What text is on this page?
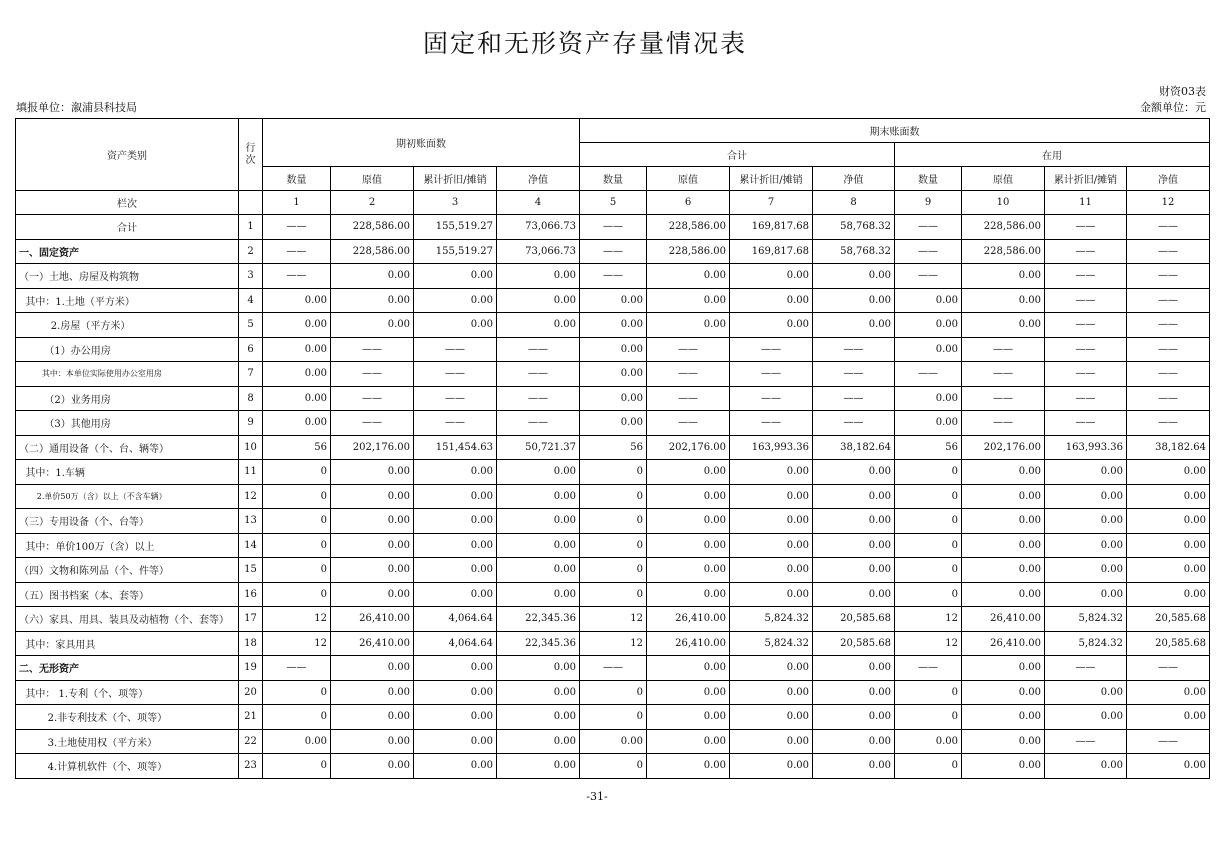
固定和无形资产存量情况表
财资03表
填报单位：溆浦县科技局	金额单位：元
资产类别	行次	期初账面数				期末账面数							
						合计				在用			
		数量	原值	累计折旧/摊销	净值	数量	原值	累计折旧/摊销	净值	数量	原值	累计折旧/摊销	净值
栏次		1	2	3	4	5	6	7	8	9	10	11	12
合计	1	——	228,586.00	155,519.27	73,066.73	——	228,586.00	169,817.68	58,768.32	——	228,586.00	——	——
一、固定资产	2	——	228,586.00	155,519.27	73,066.73	——	228,586.00	169,817.68	58,768.32	——	228,586.00	——	——
（一）土地、房屋及构筑物	3	——	0.00	0.00	0.00	——	0.00	0.00	0.00	——	0.00	——	——
其中：1.土地（平方米）	4	0.00	0.00	0.00	0.00	0.00	0.00	0.00	0.00	0.00	0.00	——	——
2.房屋（平方米）	5	0.00	0.00	0.00	0.00	0.00	0.00	0.00	0.00	0.00	0.00	——	——
（1）办公用房	6	0.00	——	——	——	0.00	——	——	——	0.00	——	——	——
其中：本单位实际使用办公室用房	7	0.00	——	——	——	0.00	——	——	——	——	——	——	——
（2）业务用房	8	0.00	——	——	——	0.00	——	——	——	0.00	——	——	——
（3）其他用房	9	0.00	——	——	——	0.00	——	——	——	0.00	——	——	——
（二）通用设备（个、台、辆等）	10	56	202,176.00	151,454.63	50,721.37	56	202,176.00	163,993.36	38,182.64	56	202,176.00	163,993.36	38,182.64
其中：1.车辆	11	0	0.00	0.00	0.00	0	0.00	0.00	0.00	0	0.00	0.00	0.00
2.单价50万（含）以上（不含车辆）	12	0	0.00	0.00	0.00	0	0.00	0.00	0.00	0	0.00	0.00	0.00
（三）专用设备（个、台等）	13	0	0.00	0.00	0.00	0	0.00	0.00	0.00	0	0.00	0.00	0.00
其中：单价100万（含）以上	14	0	0.00	0.00	0.00	0	0.00	0.00	0.00	0	0.00	0.00	0.00
（四）文物和陈列品（个、件等）	15	0	0.00	0.00	0.00	0	0.00	0.00	0.00	0	0.00	0.00	0.00
（五）图书档案（本、套等）	16	0	0.00	0.00	0.00	0	0.00	0.00	0.00	0	0.00	0.00	0.00
（六）家具、用具、装具及动植物（个、套等）	17	12	26,410.00	4,064.64	22,345.36	12	26,410.00	5,824.32	20,585.68	12	26,410.00	5,824.32	20,585.68
其中：家具用具	18	12	26,410.00	4,064.64	22,345.36	12	26,410.00	5,824.32	20,585.68	12	26,410.00	5,824.32	20,585.68
二、无形资产	19	——	0.00	0.00	0.00	——	0.00	0.00	0.00	——	0.00	——	——
其中： 1.专利（个、项等）	20	0	0.00	0.00	0.00	0	0.00	0.00	0.00	0	0.00	0.00	0.00
2.非专利技术（个、项等）	21	0	0.00	0.00	0.00	0	0.00	0.00	0.00	0	0.00	0.00	0.00
3.土地使用权（平方米）	22	0.00	0.00	0.00	0.00	0.00	0.00	0.00	0.00	0.00	0.00	——	——
4.计算机软件（个、项等）	23	0	0.00	0.00	0.00	0	0.00	0.00	0.00	0	0.00	0.00	0.00
-31-
